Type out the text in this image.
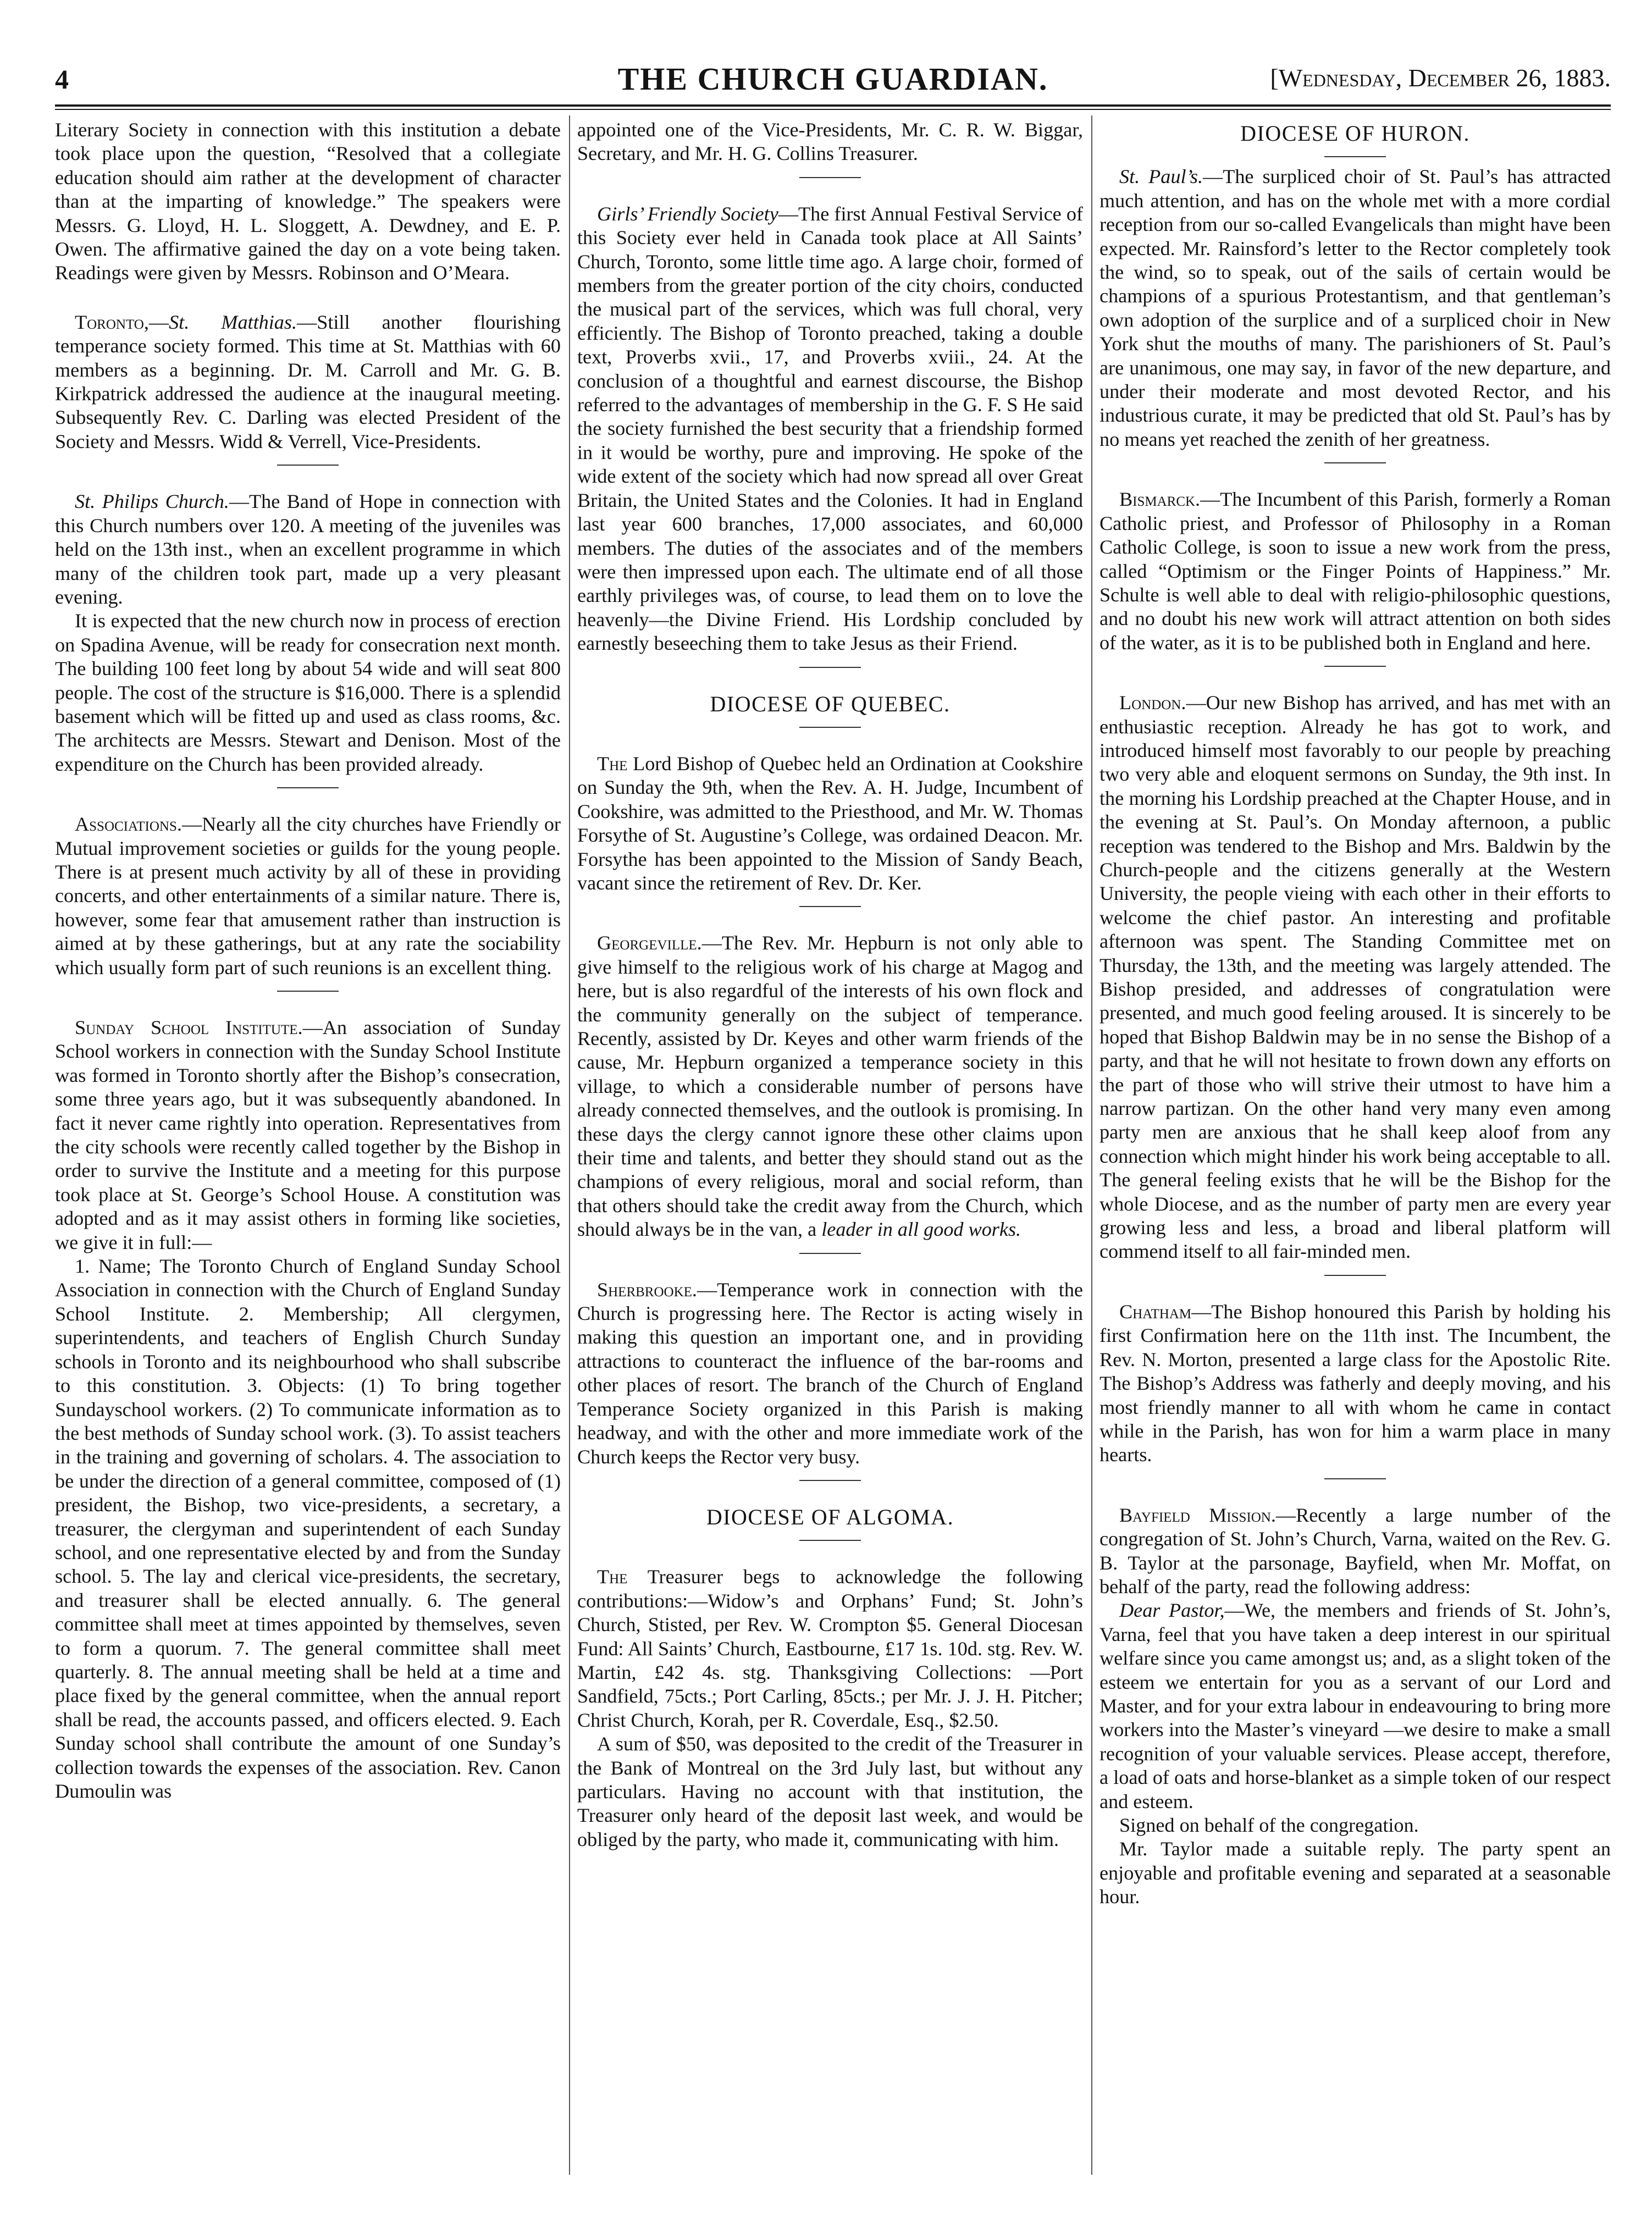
4	THE CHURCH GUARDIAN.	[Wednesday, December 26, 1883.

Literary Society in connection with this institution a debate took place upon the question, “Resolved that a collegiate education should aim rather at the development of character than at the imparting of knowledge.” The speakers were Messrs. G. Lloyd, H. L. Sloggett, A. Dewdney, and E. P. Owen. The affirmative gained the day on a vote being taken. Readings were given by Messrs. Robinson and O’Meara.

Toronto,—St. Matthias.—Still another flourishing temperance society formed. This time at St. Matthias with 60 members as a beginning. Dr. M. Carroll and Mr. G. B. Kirkpatrick addressed the audience at the inaugural meeting. Subsequently Rev. C. Darling was elected President of the Society and Messrs. Widd & Verrell, Vice-Presidents.

St. Philips Church.—The Band of Hope in connection with this Church numbers over 120. A meeting of the juveniles was held on the 13th inst., when an excellent programme in which many of the children took part, made up a very pleasant evening.

It is expected that the new church now in process of erection on Spadina Avenue, will be ready for consecration next month. The building 100 feet long by about 54 wide and will seat 800 people. The cost of the structure is $16,000. There is a splendid basement which will be fitted up and used as class rooms, &c. The architects are Messrs. Stewart and Denison. Most of the expenditure on the Church has been provided already.

Associations.—Nearly all the city churches have Friendly or Mutual improvement societies or guilds for the young people. There is at present much activity by all of these in providing concerts, and other entertainments of a similar nature. There is, however, some fear that amusement rather than instruction is aimed at by these gatherings, but at any rate the sociability which usually form part of such reunions is an excellent thing.

Sunday School Institute.—An association of Sunday School workers in connection with the Sunday School Institute was formed in Toronto shortly after the Bishop’s consecration, some three years ago, but it was subsequently abandoned. In fact it never came rightly into operation. Representatives from the city schools were recently called together by the Bishop in order to survive the Institute and a meeting for this purpose took place at St. George’s School House. A constitution was adopted and as it may assist others in forming like societies, we give it in full:—

1. Name; The Toronto Church of England Sunday School Association in connection with the Church of England Sunday School Institute. 2. Membership; All clergymen, superintendents, and teachers of English Church Sunday schools in Toronto and its neighbourhood who shall subscribe to this constitution. 3. Objects: (1) To bring together Sundayschool workers. (2) To communicate information as to the best methods of Sunday school work. (3). To assist teachers in the training and governing of scholars. 4. The association to be under the direction of a general committee, composed of (1) president, the Bishop, two vice-presidents, a secretary, a treasurer, the clergyman and superintendent of each Sunday school, and one representative elected by and from the Sunday school. 5. The lay and clerical vice-presidents, the secretary, and treasurer shall be elected annually. 6. The general committee shall meet at times appointed by themselves, seven to form a quorum. 7. The general committee shall meet quarterly. 8. The annual meeting shall be held at a time and place fixed by the general committee, when the annual report shall be read, the accounts passed, and officers elected. 9. Each Sunday school shall contribute the amount of one Sunday’s collection towards the expenses of the association. Rev. Canon Dumoulin was

appointed one of the Vice-Presidents, Mr. C. R. W. Biggar, Secretary, and Mr. H. G. Collins Treasurer.

Girls’ Friendly Society—The first Annual Festival Service of this Society ever held in Canada took place at All Saints’ Church, Toronto, some little time ago. A large choir, formed of members from the greater portion of the city choirs, conducted the musical part of the services, which was full choral, very efficiently. The Bishop of Toronto preached, taking a double text, Proverbs xvii., 17, and Proverbs xviii., 24. At the conclusion of a thoughtful and earnest discourse, the Bishop referred to the advantages of membership in the G. F. S He said the society furnished the best security that a friendship formed in it would be worthy, pure and improving. He spoke of the wide extent of the society which had now spread all over Great Britain, the United States and the Colonies. It had in England last year 600 branches, 17,000 associates, and 60,000 members. The duties of the associates and of the members were then impressed upon each. The ultimate end of all those earthly privileges was, of course, to lead them on to love the heavenly—the Divine Friend. His Lordship concluded by earnestly beseeching them to take Jesus as their Friend.

DIOCESE OF QUEBEC.

The Lord Bishop of Quebec held an Ordination at Cookshire on Sunday the 9th, when the Rev. A. H. Judge, Incumbent of Cookshire, was admitted to the Priesthood, and Mr. W. Thomas Forsythe of St. Augustine’s College, was ordained Deacon. Mr. Forsythe has been appointed to the Mission of Sandy Beach, vacant since the retirement of Rev. Dr. Ker.

Georgeville.—The Rev. Mr. Hepburn is not only able to give himself to the religious work of his charge at Magog and here, but is also regardful of the interests of his own flock and the community generally on the subject of temperance. Recently, assisted by Dr. Keyes and other warm friends of the cause, Mr. Hepburn organized a temperance society in this village, to which a considerable number of persons have already connected themselves, and the outlook is promising. In these days the clergy cannot ignore these other claims upon their time and talents, and better they should stand out as the champions of every religious, moral and social reform, than that others should take the credit away from the Church, which should always be in the van, a leader in all good works.

Sherbrooke.—Temperance work in connection with the Church is progressing here. The Rector is acting wisely in making this question an important one, and in providing attractions to counteract the influence of the bar-rooms and other places of resort. The branch of the Church of England Temperance Society organized in this Parish is making headway, and with the other and more immediate work of the Church keeps the Rector very busy.

DIOCESE OF ALGOMA.

The Treasurer begs to acknowledge the following contributions:—Widow’s and Orphans’ Fund; St. John’s Church, Stisted, per Rev. W. Crompton $5. General Diocesan Fund: All Saints’ Church, Eastbourne, £17 1s. 10d. stg. Rev. W. Martin, £42 4s. stg. Thanksgiving Collections: —Port Sandfield, 75cts.; Port Carling, 85cts.; per Mr. J. J. H. Pitcher; Christ Church, Korah, per R. Coverdale, Esq., $2.50.

A sum of $50, was deposited to the credit of the Treasurer in the Bank of Montreal on the 3rd July last, but without any particulars. Having no account with that institution, the Treasurer only heard of the deposit last week, and would be obliged by the party, who made it, communicating with him.

DIOCESE OF HURON.

St. Paul’s.—The surpliced choir of St. Paul’s has attracted much attention, and has on the whole met with a more cordial reception from our so-called Evangelicals than might have been expected. Mr. Rainsford’s letter to the Rector completely took the wind, so to speak, out of the sails of certain would be champions of a spurious Protestantism, and that gentleman’s own adoption of the surplice and of a surpliced choir in New York shut the mouths of many. The parishioners of St. Paul’s are unanimous, one may say, in favor of the new departure, and under their moderate and most devoted Rector, and his industrious curate, it may be predicted that old St. Paul’s has by no means yet reached the zenith of her greatness.

Bismarck.—The Incumbent of this Parish, formerly a Roman Catholic priest, and Professor of Philosophy in a Roman Catholic College, is soon to issue a new work from the press, called “Optimism or the Finger Points of Happiness.” Mr. Schulte is well able to deal with religio-philosophic questions, and no doubt his new work will attract attention on both sides of the water, as it is to be published both in England and here.

London.—Our new Bishop has arrived, and has met with an enthusiastic reception. Already he has got to work, and introduced himself most favorably to our people by preaching two very able and eloquent sermons on Sunday, the 9th inst. In the morning his Lordship preached at the Chapter House, and in the evening at St. Paul’s. On Monday afternoon, a public reception was tendered to the Bishop and Mrs. Baldwin by the Church-people and the citizens generally at the Western University, the people vieing with each other in their efforts to welcome the chief pastor. An interesting and profitable afternoon was spent. The Standing Committee met on Thursday, the 13th, and the meeting was largely attended. The Bishop presided, and addresses of congratulation were presented, and much good feeling aroused. It is sincerely to be hoped that Bishop Baldwin may be in no sense the Bishop of a party, and that he will not hesitate to frown down any efforts on the part of those who will strive their utmost to have him a narrow partizan. On the other hand very many even among party men are anxious that he shall keep aloof from any connection which might hinder his work being acceptable to all. The general feeling exists that he will be the Bishop for the whole Diocese, and as the number of party men are every year growing less and less, a broad and liberal platform will commend itself to all fair-minded men.

Chatham—The Bishop honoured this Parish by holding his first Confirmation here on the 11th inst. The Incumbent, the Rev. N. Morton, presented a large class for the Apostolic Rite. The Bishop’s Address was fatherly and deeply moving, and his most friendly manner to all with whom he came in contact while in the Parish, has won for him a warm place in many hearts.

Bayfield Mission.—Recently a large number of the congregation of St. John’s Church, Varna, waited on the Rev. G. B. Taylor at the parsonage, Bayfield, when Mr. Moffat, on behalf of the party, read the following address:

Dear Pastor,—We, the members and friends of St. John’s, Varna, feel that you have taken a deep interest in our spiritual welfare since you came amongst us; and, as a slight token of the esteem we entertain for you as a servant of our Lord and Master, and for your extra labour in endeavouring to bring more workers into the Master’s vineyard —we desire to make a small recognition of your valuable services. Please accept, therefore, a load of oats and horse-blanket as a simple token of our respect and esteem.

Signed on behalf of the congregation.

Mr. Taylor made a suitable reply. The party spent an enjoyable and profitable evening and separated at a seasonable hour.
